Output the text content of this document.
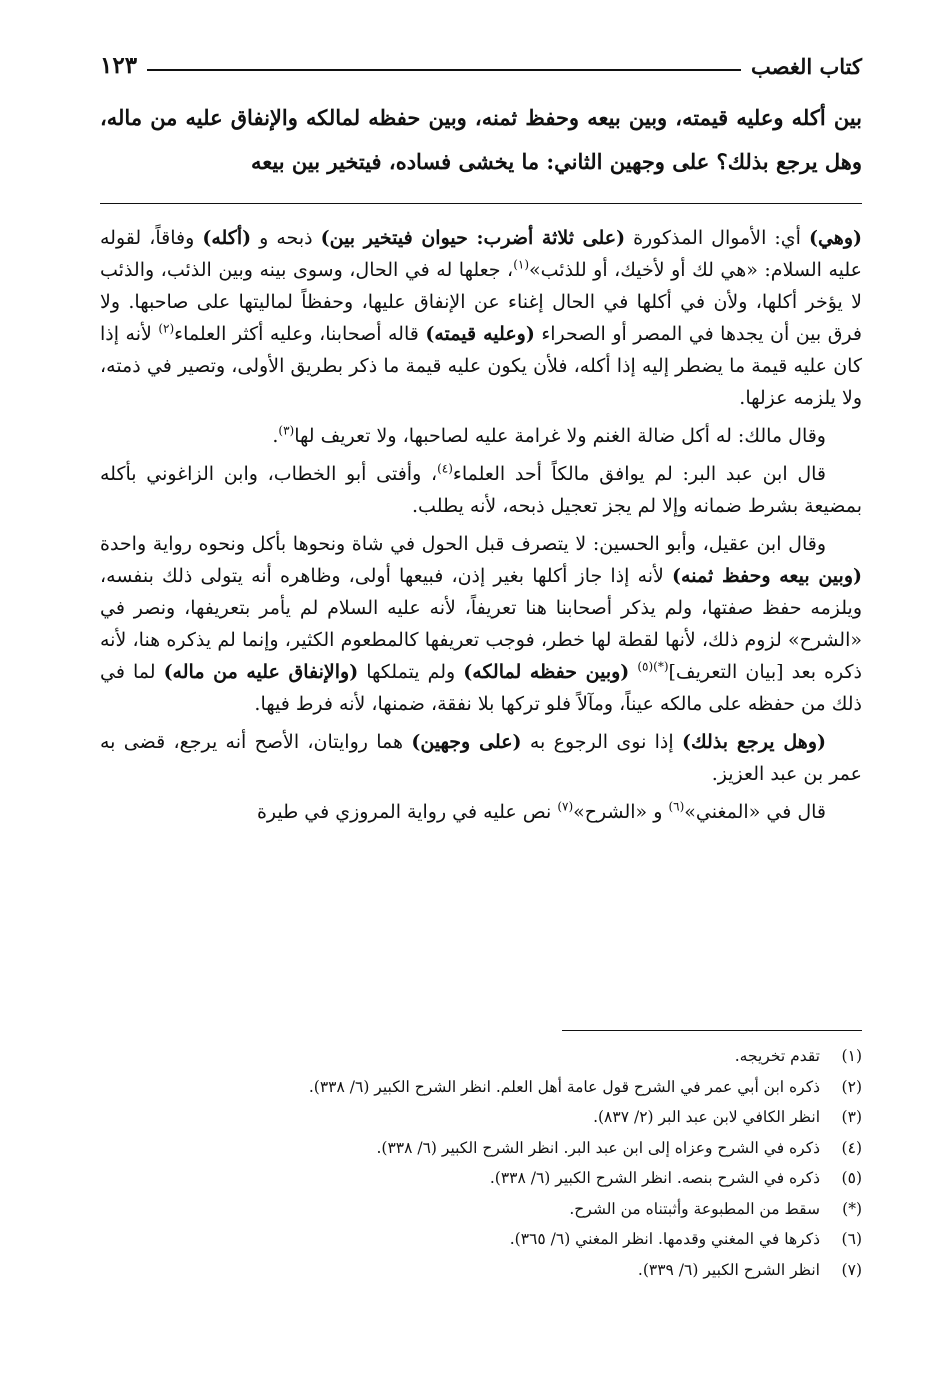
كتاب الغصب
١٢٣
بين أكله وعليه قيمته، وبين بيعه وحفظ ثمنه، وبين حفظه لمالكه والإنفاق عليه من ماله، وهل يرجع بذلك؟ على وجهين الثاني: ما يخشى فساده، فيتخير بين بيعه

(وهي) أي: الأموال المذكورة (على ثلاثة أضرب: حيوان فيتخير بين) ذبحه و (أكله) وفاقاً، لقوله عليه السلام: «هي لك أو لأخيك، أو للذئب»$^{(١)}$، جعلها له في الحال، وسوى بينه وبين الذئب، والذئب لا يؤخر أكلها، ولأن في أكلها في الحال إغناء عن الإنفاق عليها، وحفظاً لماليتها على صاحبها. ولا فرق بين أن يجدها في المصر أو الصحراء (وعليه قيمته) قاله أصحابنا، وعليه أكثر العلماء$^{(٢)}$ لأنه إذا كان عليه قيمة ما يضطر إليه إذا أكله، فلأن يكون عليه قيمة ما ذكر بطريق الأولى، وتصير في ذمته، ولا يلزمه عزلها.

وقال مالك: له أكل ضالة الغنم ولا غرامة عليه لصاحبها، ولا تعريف لها$^{(٣)}$.

قال ابن عبد البر: لم يوافق مالكاً أحد العلماء$^{(٤)}$، وأفتى أبو الخطاب، وابن الزاغوني بأكله بمضيعة بشرط ضمانه وإلا لم يجز تعجيل ذبحه، لأنه يطلب.

وقال ابن عقيل، وأبو الحسين: لا يتصرف قبل الحول في شاة ونحوها بأكل ونحوه رواية واحدة (وبين بيعه وحفظ ثمنه) لأنه إذا جاز أكلها بغير إذن، فبيعها أولى، وظاهره أنه يتولى ذلك بنفسه، ويلزمه حفظ صفتها، ولم يذكر أصحابنا هنا تعريفاً، لأنه عليه السلام لم يأمر بتعريفها، ونصر في «الشرح» لزوم ذلك، لأنها لقطة لها خطر، فوجب تعريفها كالمطعوم الكثير، وإنما لم يذكره هنا، لأنه ذكره بعد [بيان التعريف]$^{(*)(٥)}$ (وبين حفظه لمالكه) ولم يتملكها (والإنفاق عليه من ماله) لما في ذلك من حفظه على مالكه عيناً، ومآلاً فلو تركها بلا نفقة، ضمنها، لأنه فرط فيها.

(وهل يرجع بذلك) إذا نوى الرجوع به (على وجهين) هما روايتان، الأصح أنه يرجع، قضى به عمر بن عبد العزيز.

قال في «المغني»$^{(٦)}$ و «الشرح»$^{(٧)}$ نص عليه في رواية المروزي في طيرة

(١)
تقدم تخريجه.
(٢)
ذكره ابن أبي عمر في الشرح قول عامة أهل العلم. انظر الشرح الكبير (٦/ ٣٣٨).
(٣)
انظر الكافي لابن عبد البر (٢/ ٨٣٧).
(٤)
ذكره في الشرح وعزاه إلى ابن عبد البر. انظر الشرح الكبير (٦/ ٣٣٨).
(٥)
ذكره في الشرح بنصه. انظر الشرح الكبير (٦/ ٣٣٨).
(*)
سقط من المطبوعة وأثبتناه من الشرح.
(٦)
ذكرها في المغني وقدمها. انظر المغني (٦/ ٣٦٥).
(٧)
انظر الشرح الكبير (٦/ ٣٣٩).
